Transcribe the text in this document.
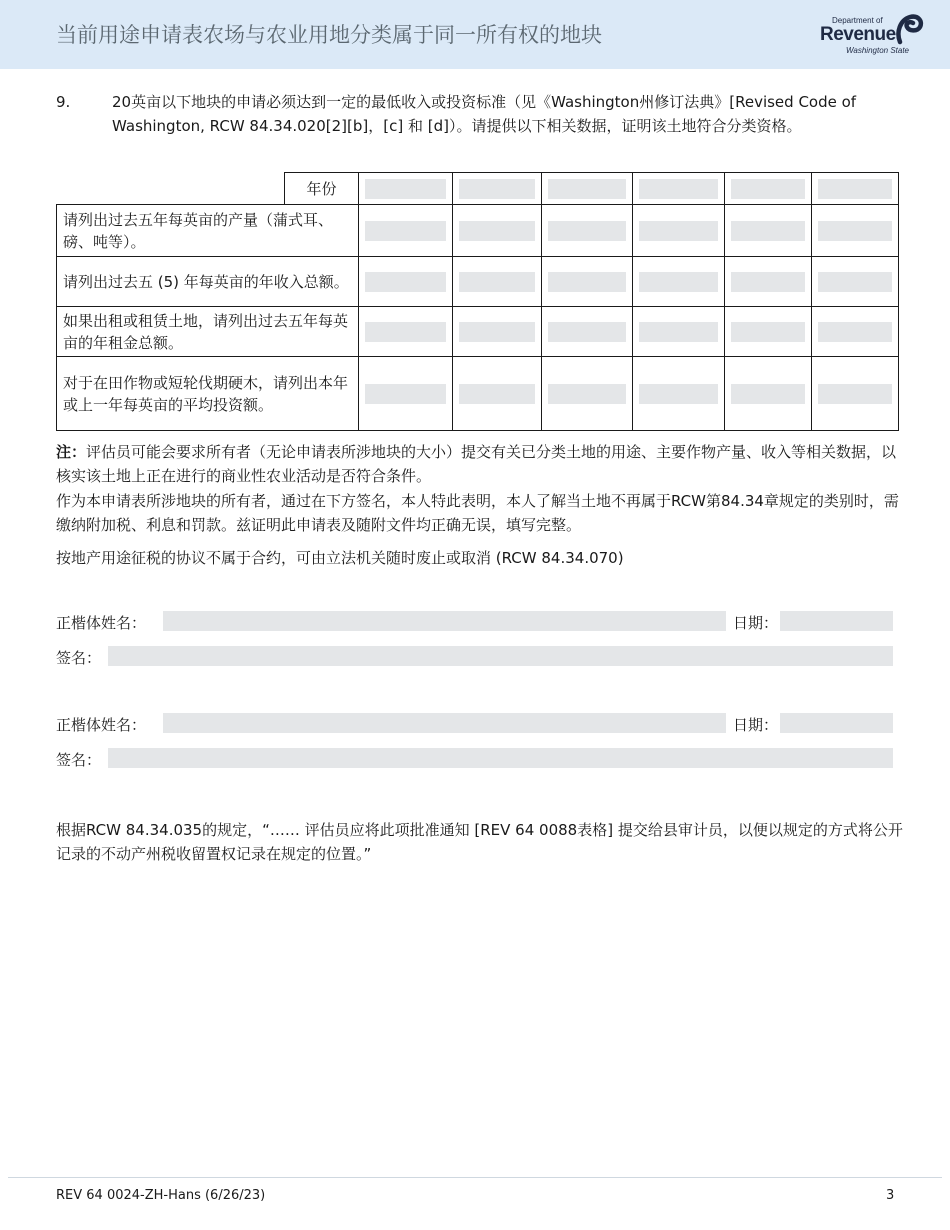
当前用途申请表农场与农业用地分类属于同一所有权的地块
Department of
Revenue
Washington State
9.	20英亩以下地块的申请必须达到一定的最低收入或投资标准（见《Washington州修订法典》[Revised Code of Washington, RCW 84.34.020[2][b]，[c] 和 [d]）。请提供以下相关数据，证明该土地符合分类资格。
	年份	

请列出过去五年每英亩的产量（蒲式耳、磅、吨等）。		

请列出过去五 (5) 年每英亩的年收入总额。		

如果出租或租赁土地，请列出过去五年每英亩的年租金总额。		

对于在田作物或短轮伐期硬木，请列出本年或上一年每英亩的平均投资额。		

注：评估员可能会要求所有者（无论申请表所涉地块的大小）提交有关已分类土地的用途、主要作物产量、收入等相关数据，以核实该土地上正在进行的商业性农业活动是否符合条件。
作为本申请表所涉地块的所有者，通过在下方签名，本人特此表明，本人了解当土地不再属于RCW第84.34章规定的类别时，需缴纳附加税、利息和罚款。兹证明此申请表及随附文件均正确无误，填写完整。
按地产用途征税的协议不属于合约，可由立法机关随时废止或取消 (RCW 84.34.070)
正楷体姓名：	日期：
签名：
正楷体姓名：	日期：
签名：
根据RCW 84.34.035的规定，“…… 评估员应将此项批准通知 [REV 64 0088表格] 提交给县审计员，以便以规定的方式将公开记录的不动产州税收留置权记录在规定的位置。”
REV 64 0024-ZH-Hans (6/26/23)	3
